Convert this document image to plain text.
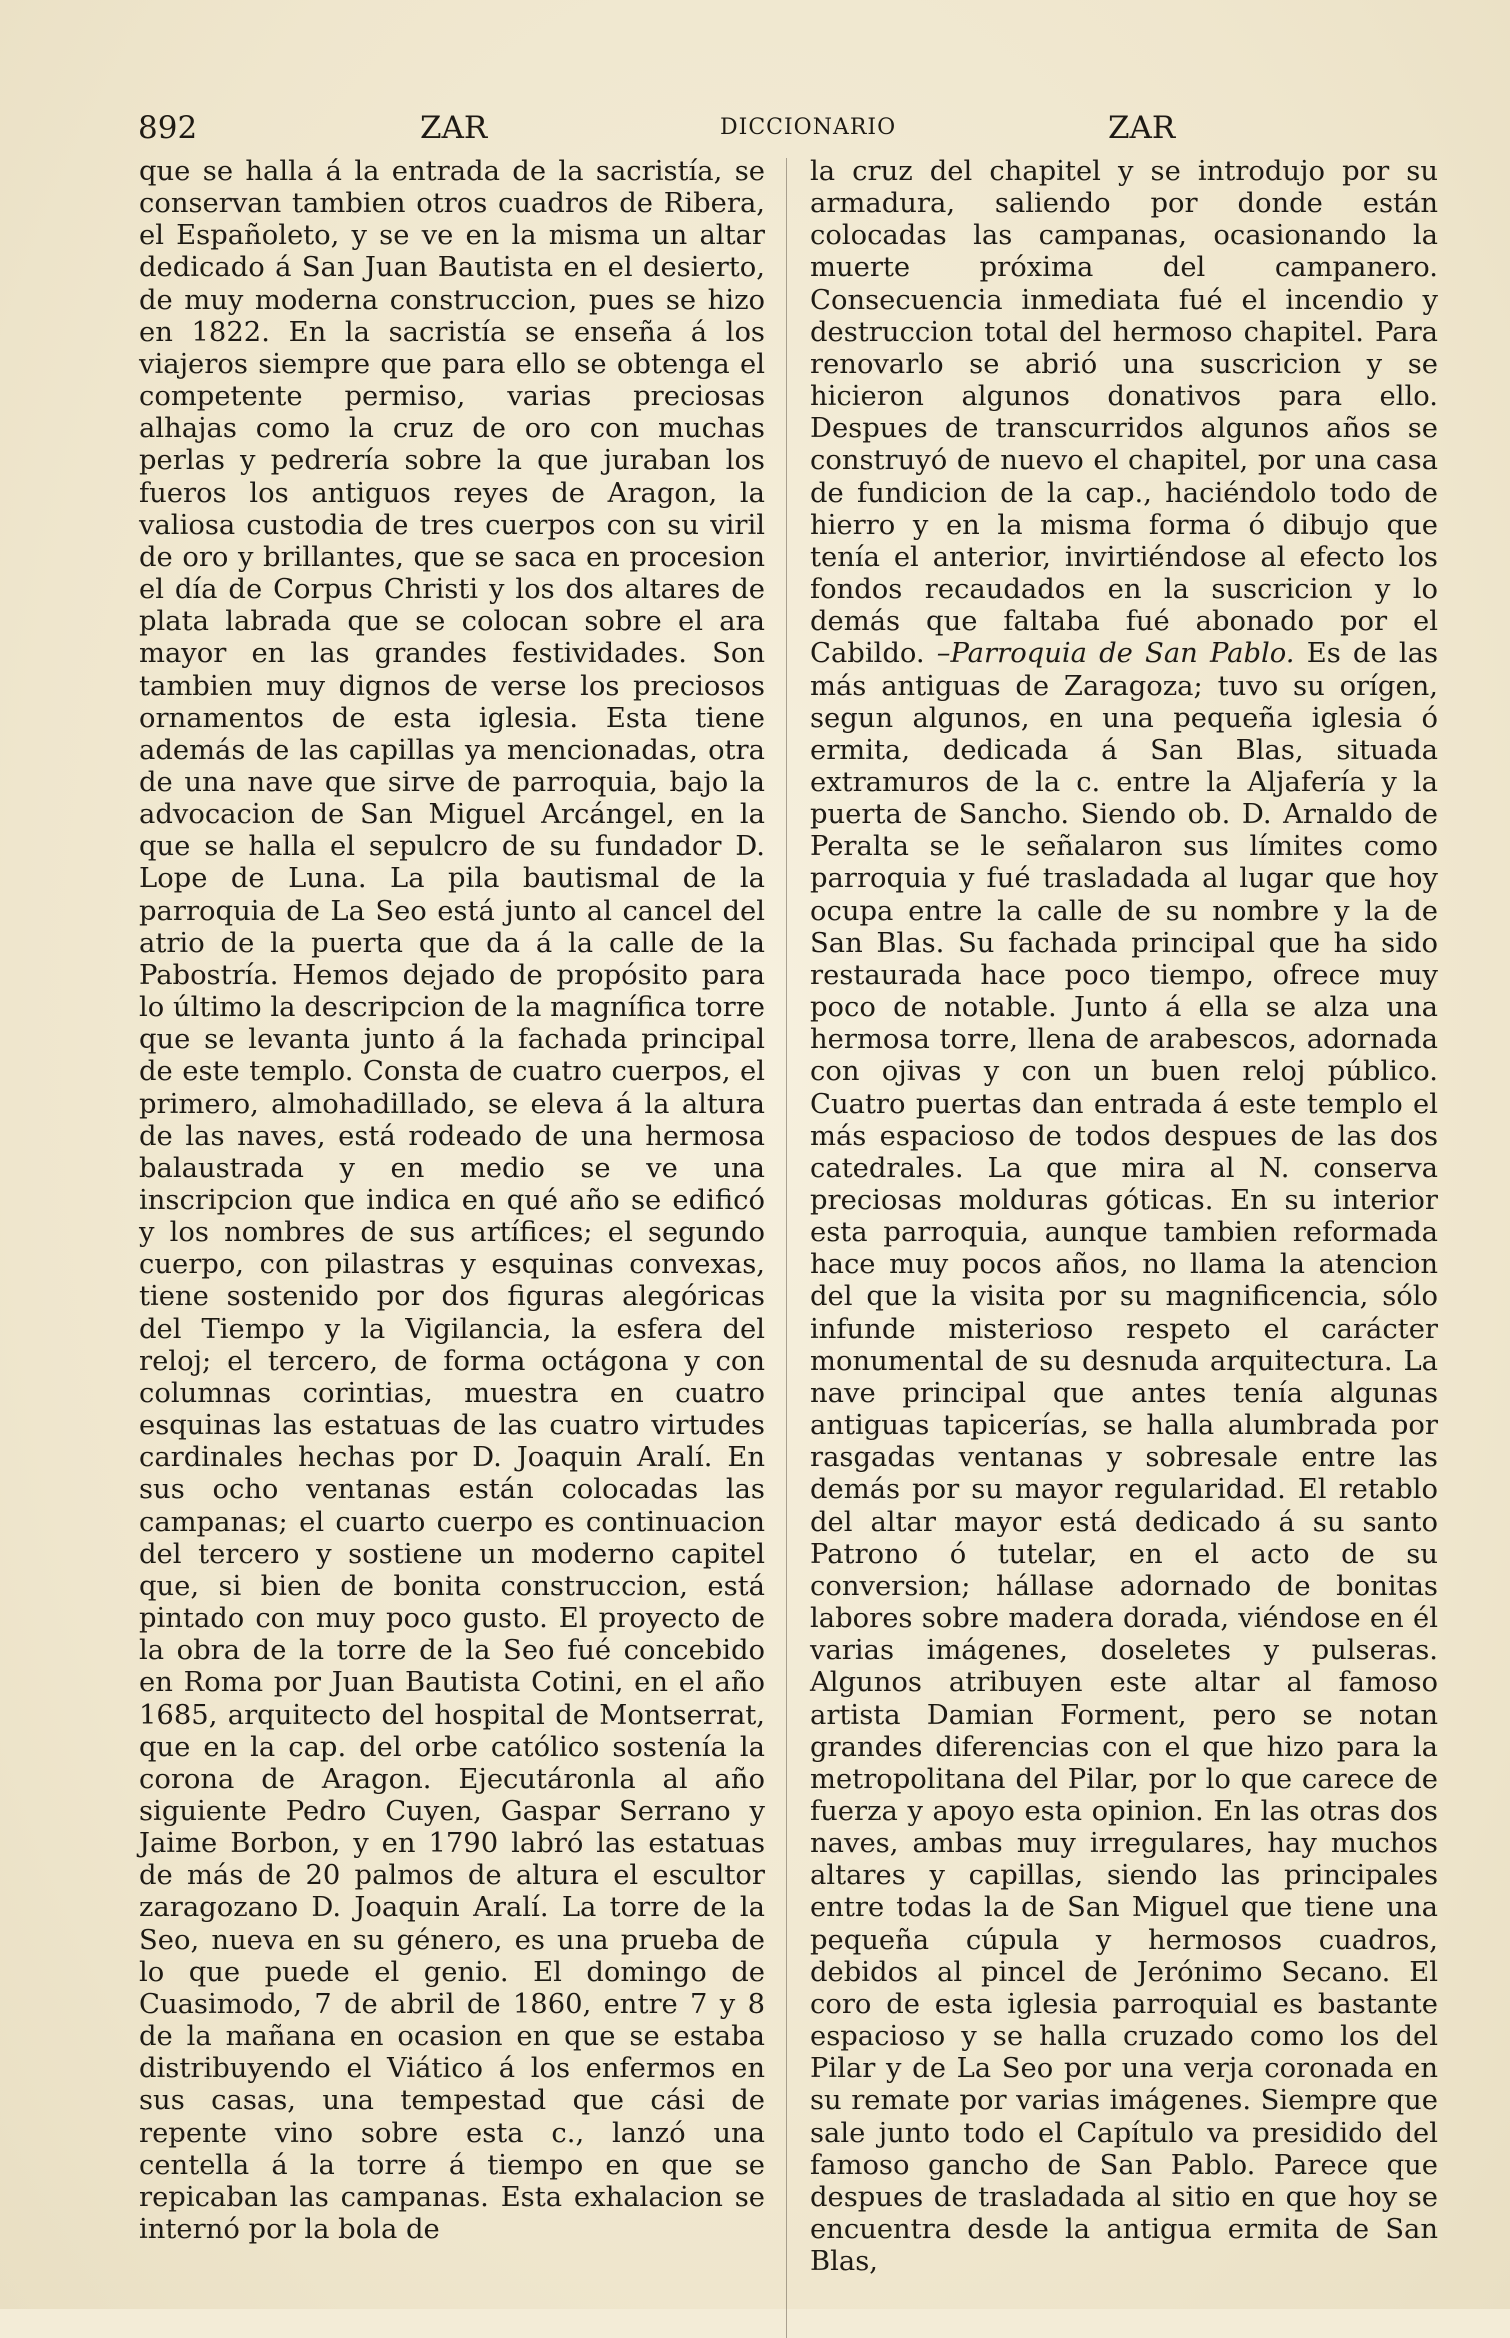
892	ZAR	DICCIONARIO	ZAR
que se halla á la entrada de la sacristía, se conservan tambien otros cuadros de Ribera, el Españoleto, y se ve en la misma un altar dedicado á San Juan Bautista en el desierto, de muy moderna construccion, pues se hizo en 1822. En la sacristía se enseña á los viajeros siempre que para ello se obtenga el competente permiso, varias preciosas alhajas como la cruz de oro con muchas perlas y pedrería sobre la que juraban los fueros los antiguos reyes de Aragon, la valiosa custodia de tres cuerpos con su viril de oro y brillantes, que se saca en procesion el día de Corpus Christi y los dos altares de plata labrada que se colocan sobre el ara mayor en las grandes festividades. Son tambien muy dignos de verse los preciosos ornamentos de esta iglesia. Esta tiene además de las capillas ya mencionadas, otra de una nave que sirve de parroquia, bajo la advocacion de San Miguel Arcángel, en la que se halla el sepulcro de su fundador D. Lope de Luna. La pila bautismal de la parroquia de La Seo está junto al cancel del atrio de la puerta que da á la calle de la Pabostría. Hemos dejado de propósito para lo último la descripcion de la magnífica torre que se levanta junto á la fachada principal de este templo. Consta de cuatro cuerpos, el primero, almohadillado, se eleva á la altura de las naves, está rodeado de una hermosa balaustrada y en medio se ve una inscripcion que indica en qué año se edificó y los nombres de sus artífices; el segundo cuerpo, con pilastras y esquinas convexas, tiene sostenido por dos figuras alegóricas del Tiempo y la Vigilancia, la esfera del reloj; el tercero, de forma octágona y con columnas corintias, muestra en cuatro esquinas las estatuas de las cuatro virtudes cardinales hechas por D. Joaquin Aralí. En sus ocho ventanas están colocadas las campanas; el cuarto cuerpo es continuacion del tercero y sostiene un moderno capitel que, si bien de bonita construccion, está pintado con muy poco gusto. El proyecto de la obra de la torre de la Seo fué concebido en Roma por Juan Bautista Cotini, en el año 1685, arquitecto del hospital de Montserrat, que en la cap. del orbe católico sostenía la corona de Aragon. Ejecutáronla al año siguiente Pedro Cuyen, Gaspar Serrano y Jaime Borbon, y en 1790 labró las estatuas de más de 20 palmos de altura el escultor zaragozano D. Joaquin Aralí. La torre de la Seo, nueva en su género, es una prueba de lo que puede el genio. El domingo de Cuasimodo, 7 de abril de 1860, entre 7 y 8 de la mañana en ocasion en que se estaba distribuyendo el Viático á los enfermos en sus casas, una tempestad que cási de repente vino sobre esta c., lanzó una centella á la torre á tiempo en que se repicaban las campanas. Esta exhalacion se internó por la bola de
la cruz del chapitel y se introdujo por su armadura, saliendo por donde están colocadas las campanas, ocasionando la muerte próxima del campanero. Consecuencia inmediata fué el incendio y destruccion total del hermoso chapitel. Para renovarlo se abrió una suscricion y se hicieron algunos donativos para ello. Despues de transcurridos algunos años se construyó de nuevo el chapitel, por una casa de fundicion de la cap., haciéndolo todo de hierro y en la misma forma ó dibujo que tenía el anterior, invirtiéndose al efecto los fondos recaudados en la suscricion y lo demás que faltaba fué abonado por el Cabildo. –Parroquia de San Pablo. Es de las más antiguas de Zaragoza; tuvo su orígen, segun algunos, en una pequeña iglesia ó ermita, dedicada á San Blas, situada extramuros de la c. entre la Aljafería y la puerta de Sancho. Siendo ob. D. Arnaldo de Peralta se le señalaron sus límites como parroquia y fué trasladada al lugar que hoy ocupa entre la calle de su nombre y la de San Blas. Su fachada principal que ha sido restaurada hace poco tiempo, ofrece muy poco de notable. Junto á ella se alza una hermosa torre, llena de arabescos, adornada con ojivas y con un buen reloj público. Cuatro puertas dan entrada á este templo el más espacioso de todos despues de las dos catedrales. La que mira al N. conserva preciosas molduras góticas. En su interior esta parroquia, aunque tambien reformada hace muy pocos años, no llama la atencion del que la visita por su magnificencia, sólo infunde misterioso respeto el carácter monumental de su desnuda arquitectura. La nave principal que antes tenía algunas antiguas tapicerías, se halla alumbrada por rasgadas ventanas y sobresale entre las demás por su mayor regularidad. El retablo del altar mayor está dedicado á su santo Patrono ó tutelar, en el acto de su conversion; hállase adornado de bonitas labores sobre madera dorada, viéndose en él varias imágenes, doseletes y pulseras. Algunos atribuyen este altar al famoso artista Damian Forment, pero se notan grandes diferencias con el que hizo para la metropolitana del Pilar, por lo que carece de fuerza y apoyo esta opinion. En las otras dos naves, ambas muy irregulares, hay muchos altares y capillas, siendo las principales entre todas la de San Miguel que tiene una pequeña cúpula y hermosos cuadros, debidos al pincel de Jerónimo Secano. El coro de esta iglesia parroquial es bastante espacioso y se halla cruzado como los del Pilar y de La Seo por una verja coronada en su remate por varias imágenes. Siempre que sale junto todo el Capítulo va presidido del famoso gancho de San Pablo. Parece que despues de trasladada al sitio en que hoy se encuentra desde la antigua ermita de San Blas,
